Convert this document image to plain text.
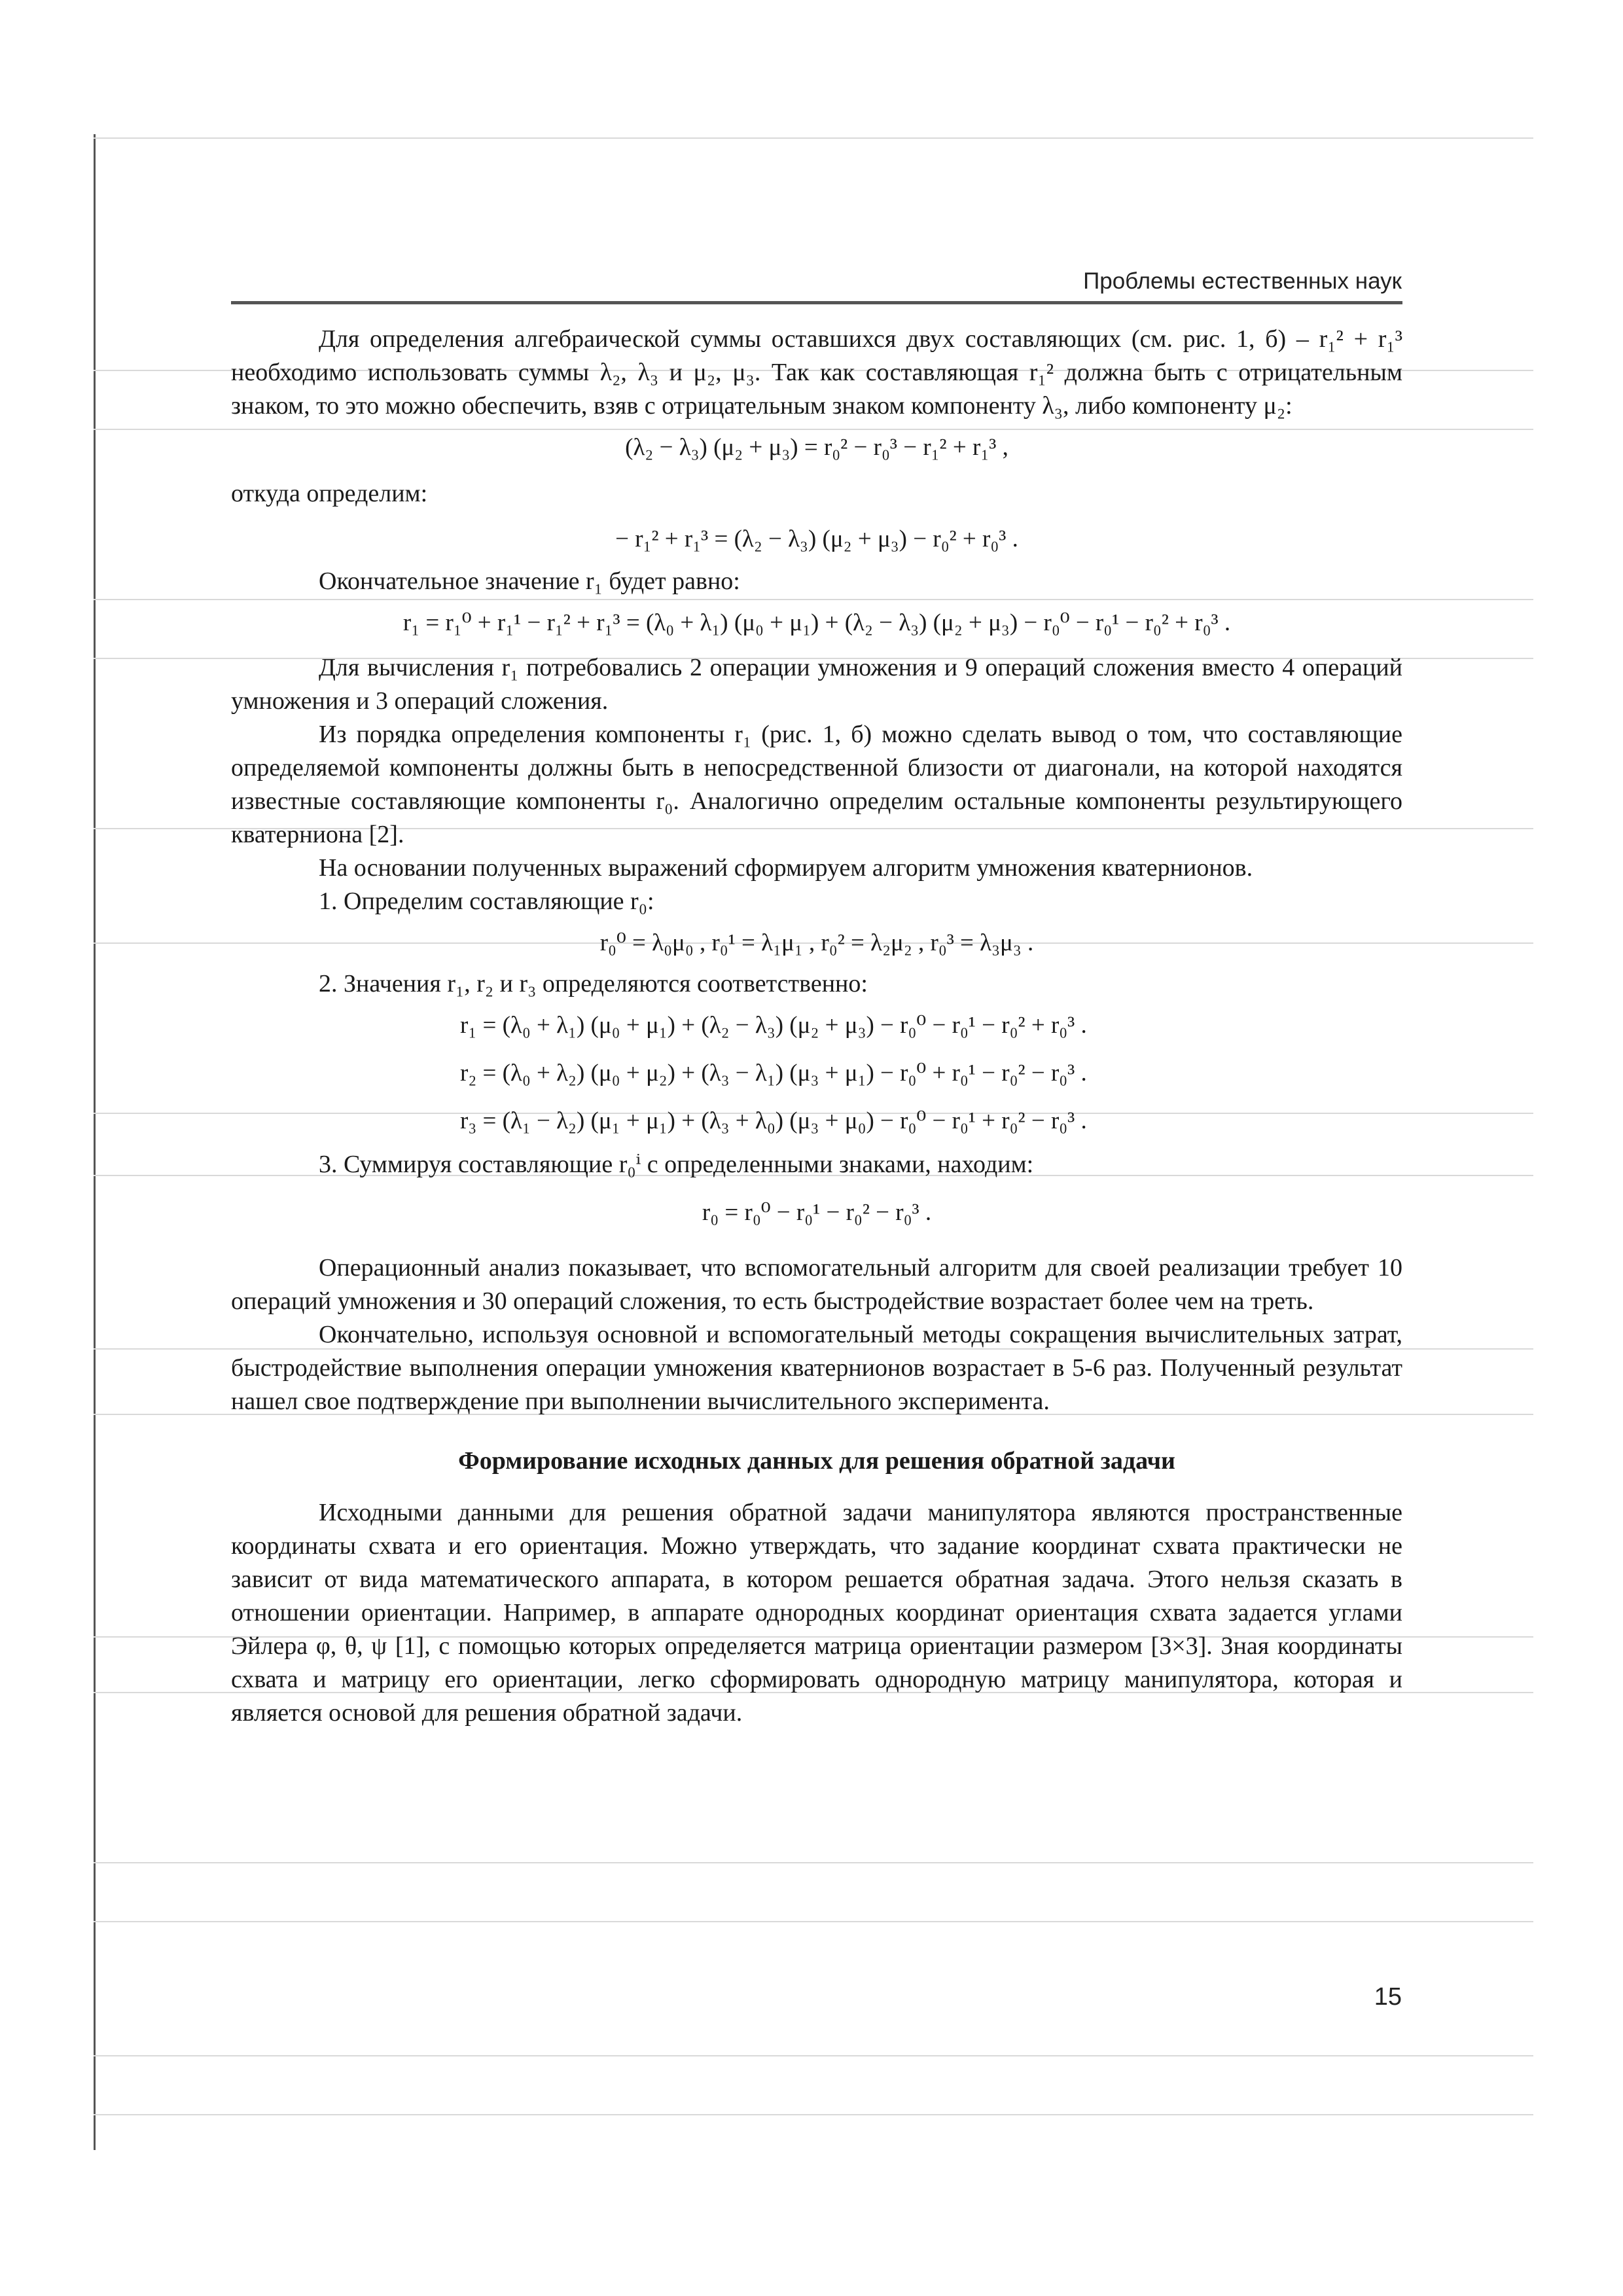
Проблемы естественных наук

Для определения алгебраической суммы оставшихся двух составляющих (см. рис. 1, б) – r₁² + r₁³ необходимо использовать суммы λ₂, λ₃ и μ₂, μ₃. Так как составляющая r₁² должна быть с отрицательным знаком, то это можно обеспечить, взяв с отрицательным знаком компоненту λ₃, либо компоненту μ₂:

(λ₂ − λ₃) (μ₂ + μ₃) = r₀² − r₀³ − r₁² + r₁³ ,

откуда определим:

− r₁² + r₁³ = (λ₂ − λ₃) (μ₂ + μ₃) − r₀² + r₀³ .

Окончательное значение r₁ будет равно:

r₁ = r₁⁰ + r₁¹ − r₁² + r₁³ = (λ₀ + λ₁) (μ₀ + μ₁) + (λ₂ − λ₃) (μ₂ + μ₃) − r₀⁰ − r₀¹ − r₀² + r₀³ .

Для вычисления r₁ потребовались 2 операции умножения и 9 операций сложения вместо 4 операций умножения и 3 операций сложения.

Из порядка определения компоненты r₁ (рис. 1, б) можно сделать вывод о том, что составляющие определяемой компоненты должны быть в непосредственной близости от диагонали, на которой находятся известные составляющие компоненты r₀. Аналогично определим остальные компоненты результирующего кватерниона [2].

На основании полученных выражений сформируем алгоритм умножения кватернионов.

1. Определим составляющие r₀:

r₀⁰ = λ₀μ₀ , r₀¹ = λ₁μ₁ , r₀² = λ₂μ₂ , r₀³ = λ₃μ₃ .

2. Значения r₁, r₂ и r₃ определяются соответственно:

r₁ = (λ₀ + λ₁) (μ₀ + μ₁) + (λ₂ − λ₃) (μ₂ + μ₃) − r₀⁰ − r₀¹ − r₀² + r₀³ .

r₂ = (λ₀ + λ₂) (μ₀ + μ₂) + (λ₃ − λ₁) (μ₃ + μ₁) − r₀⁰ + r₀¹ − r₀² − r₀³ .

r₃ = (λ₁ − λ₂) (μ₁ + μ₁) + (λ₃ + λ₀) (μ₃ + μ₀) − r₀⁰ − r₀¹ + r₀² − r₀³ .

3. Суммируя составляющие r₀ⁱ с определенными знаками, находим:

r₀ = r₀⁰ − r₀¹ − r₀² − r₀³ .

Операционный анализ показывает, что вспомогательный алгоритм для своей реализации требует 10 операций умножения и 30 операций сложения, то есть быстродействие возрастает более чем на треть.

Окончательно, используя основной и вспомогательный методы сокращения вычислительных затрат, быстродействие выполнения операции умножения кватернионов возрастает в 5-6 раз. Полученный результат нашел свое подтверждение при выполнении вычислительного эксперимента.

Формирование исходных данных для решения обратной задачи

Исходными данными для решения обратной задачи манипулятора являются пространственные координаты схвата и его ориентация. Можно утверждать, что задание координат схвата практически не зависит от вида математического аппарата, в котором решается обратная задача. Этого нельзя сказать в отношении ориентации. Например, в аппарате однородных координат ориентация схвата задается углами Эйлера φ, θ, ψ [1], с помощью которых определяется матрица ориентации размером [3×3]. Зная координаты схвата и матрицу его ориентации, легко сформировать однородную матрицу манипулятора, которая и является основой для решения обратной задачи.

15
